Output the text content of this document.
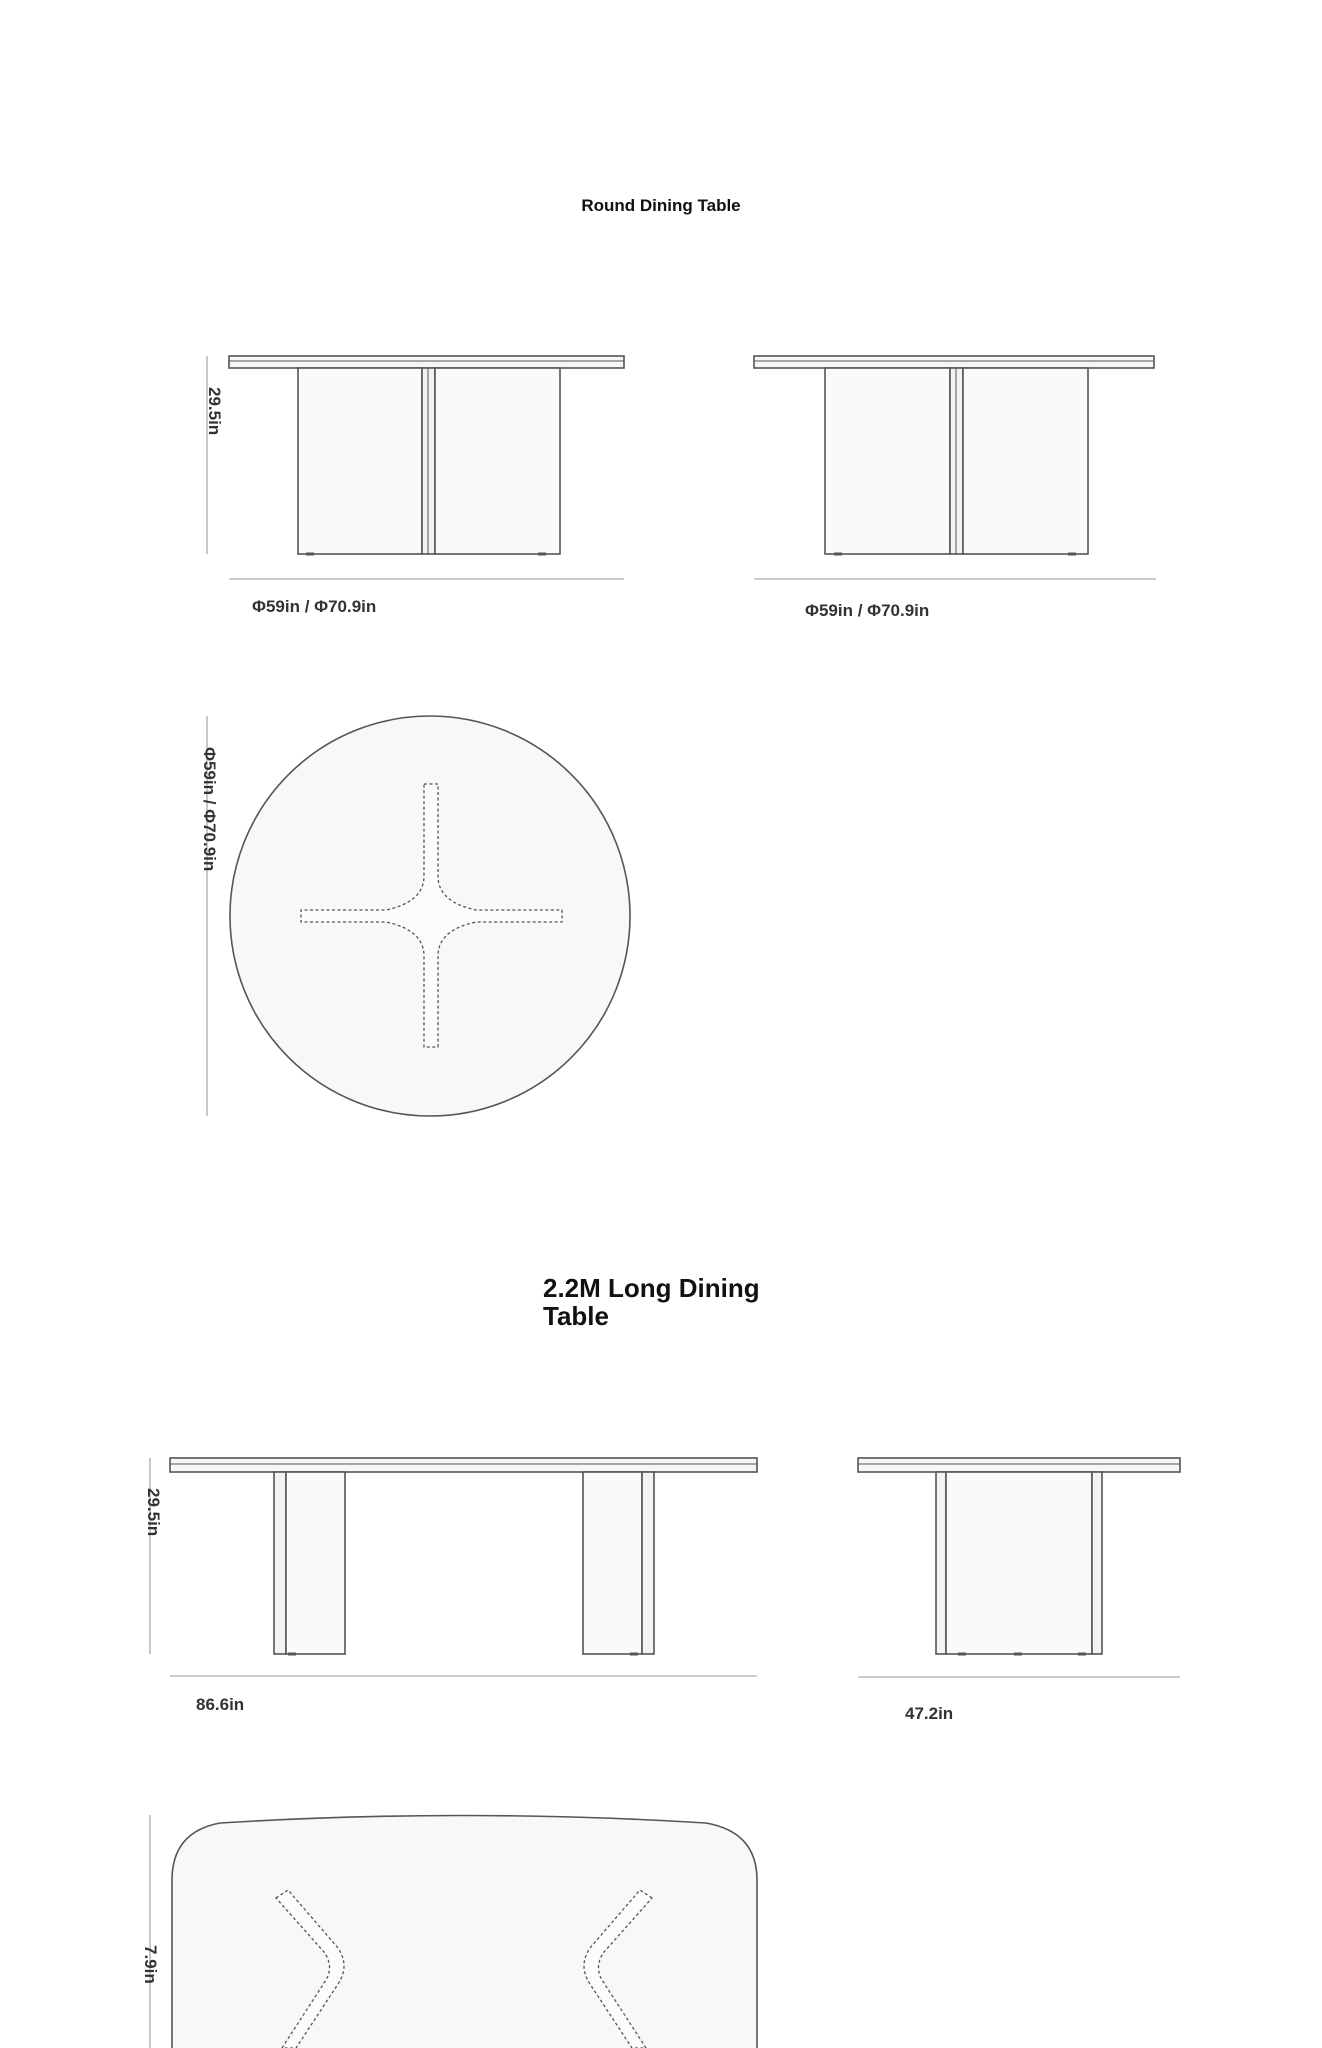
Round Dining Table
29.5in
Φ59in / Φ70.9in	Φ59in / Φ70.9in
Φ59in / Φ70.9in
2.2M Long Dining
Table
29.5in
86.6in	47.2in
7.9in
